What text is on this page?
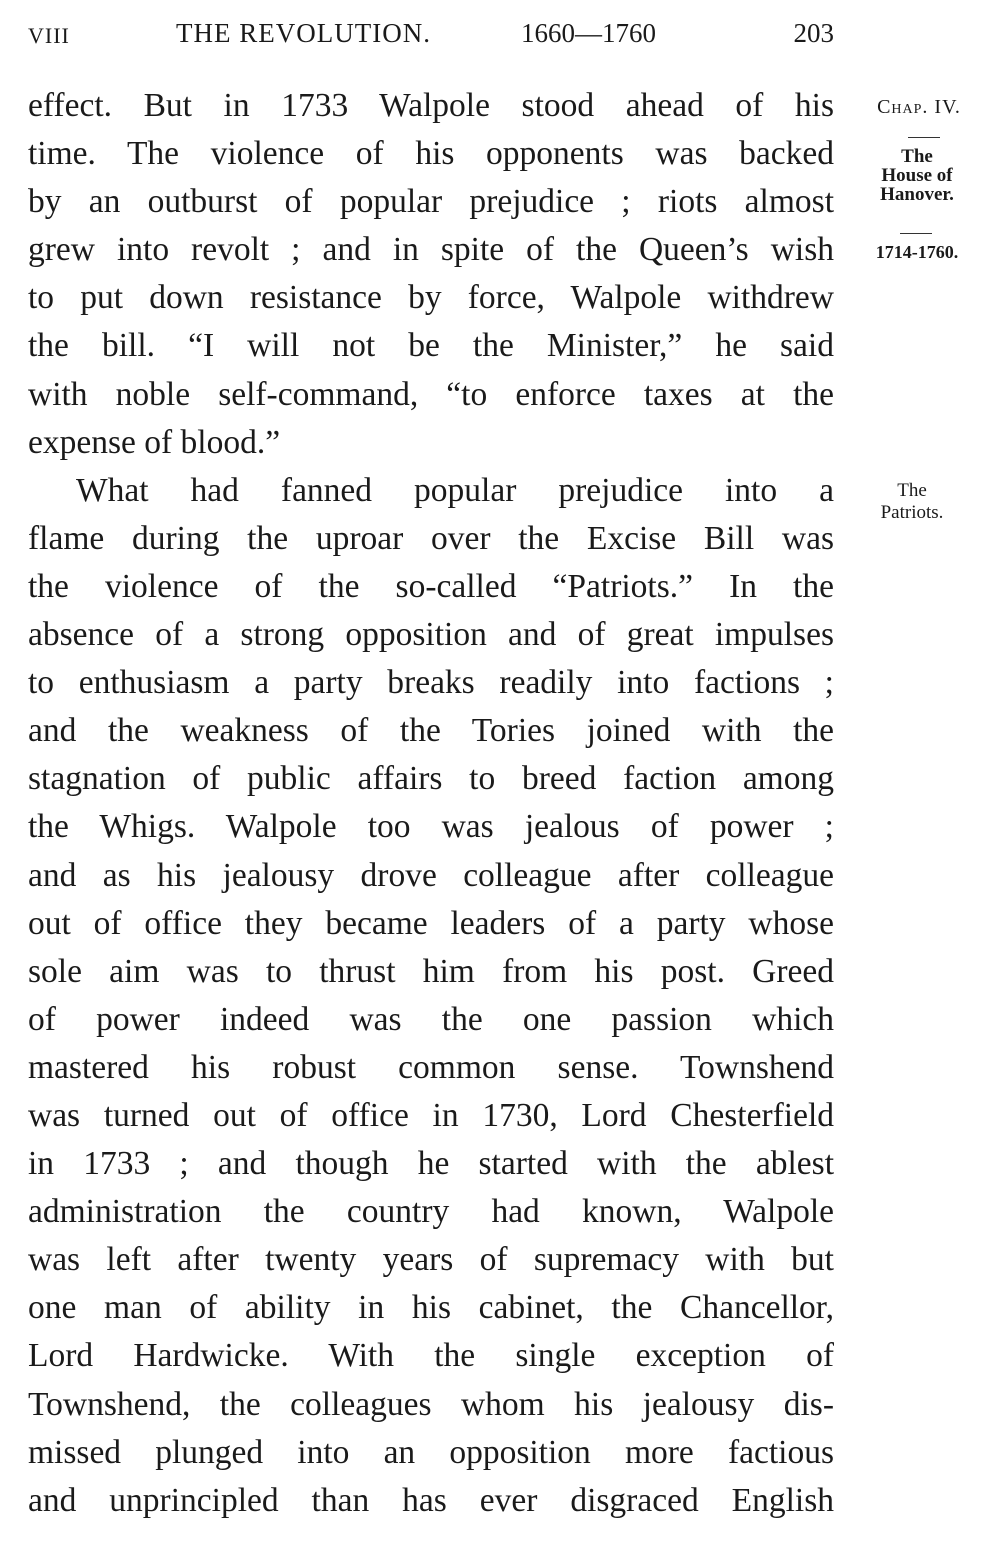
VIII	THE REVOLUTION.	1660—1760	203
effect. But in 1733 Walpole stood ahead of his
time. The violence of his opponents was backed
by an outburst of popular prejudice ; riots almost
grew into revolt ; and in spite of the Queen’s wish
to put down resistance by force, Walpole withdrew
the bill. “I will not be the Minister,” he said
with noble self-command, “to enforce taxes at the
expense of blood.”
What had fanned popular prejudice into a
flame during the uproar over the Excise Bill was
the violence of the so-called “Patriots.” In the
absence of a strong opposition and of great impulses
to enthusiasm a party breaks readily into factions ;
and the weakness of the Tories joined with the
stagnation of public affairs to breed faction among
the Whigs. Walpole too was jealous of power ;
and as his jealousy drove colleague after colleague
out of office they became leaders of a party whose
sole aim was to thrust him from his post. Greed
of power indeed was the one passion which
mastered his robust common sense. Townshend
was turned out of office in 1730, Lord Chesterfield
in 1733 ; and though he started with the ablest
administration the country had known, Walpole
was left after twenty years of supremacy with but
one man of ability in his cabinet, the Chancellor,
Lord Hardwicke. With the single exception of
Townshend, the colleagues whom his jealousy dis-
missed plunged into an opposition more factious
and unprincipled than has ever disgraced English
Chap. IV.
The
House of
Hanover.
1714-1760.
The
Patriots.
